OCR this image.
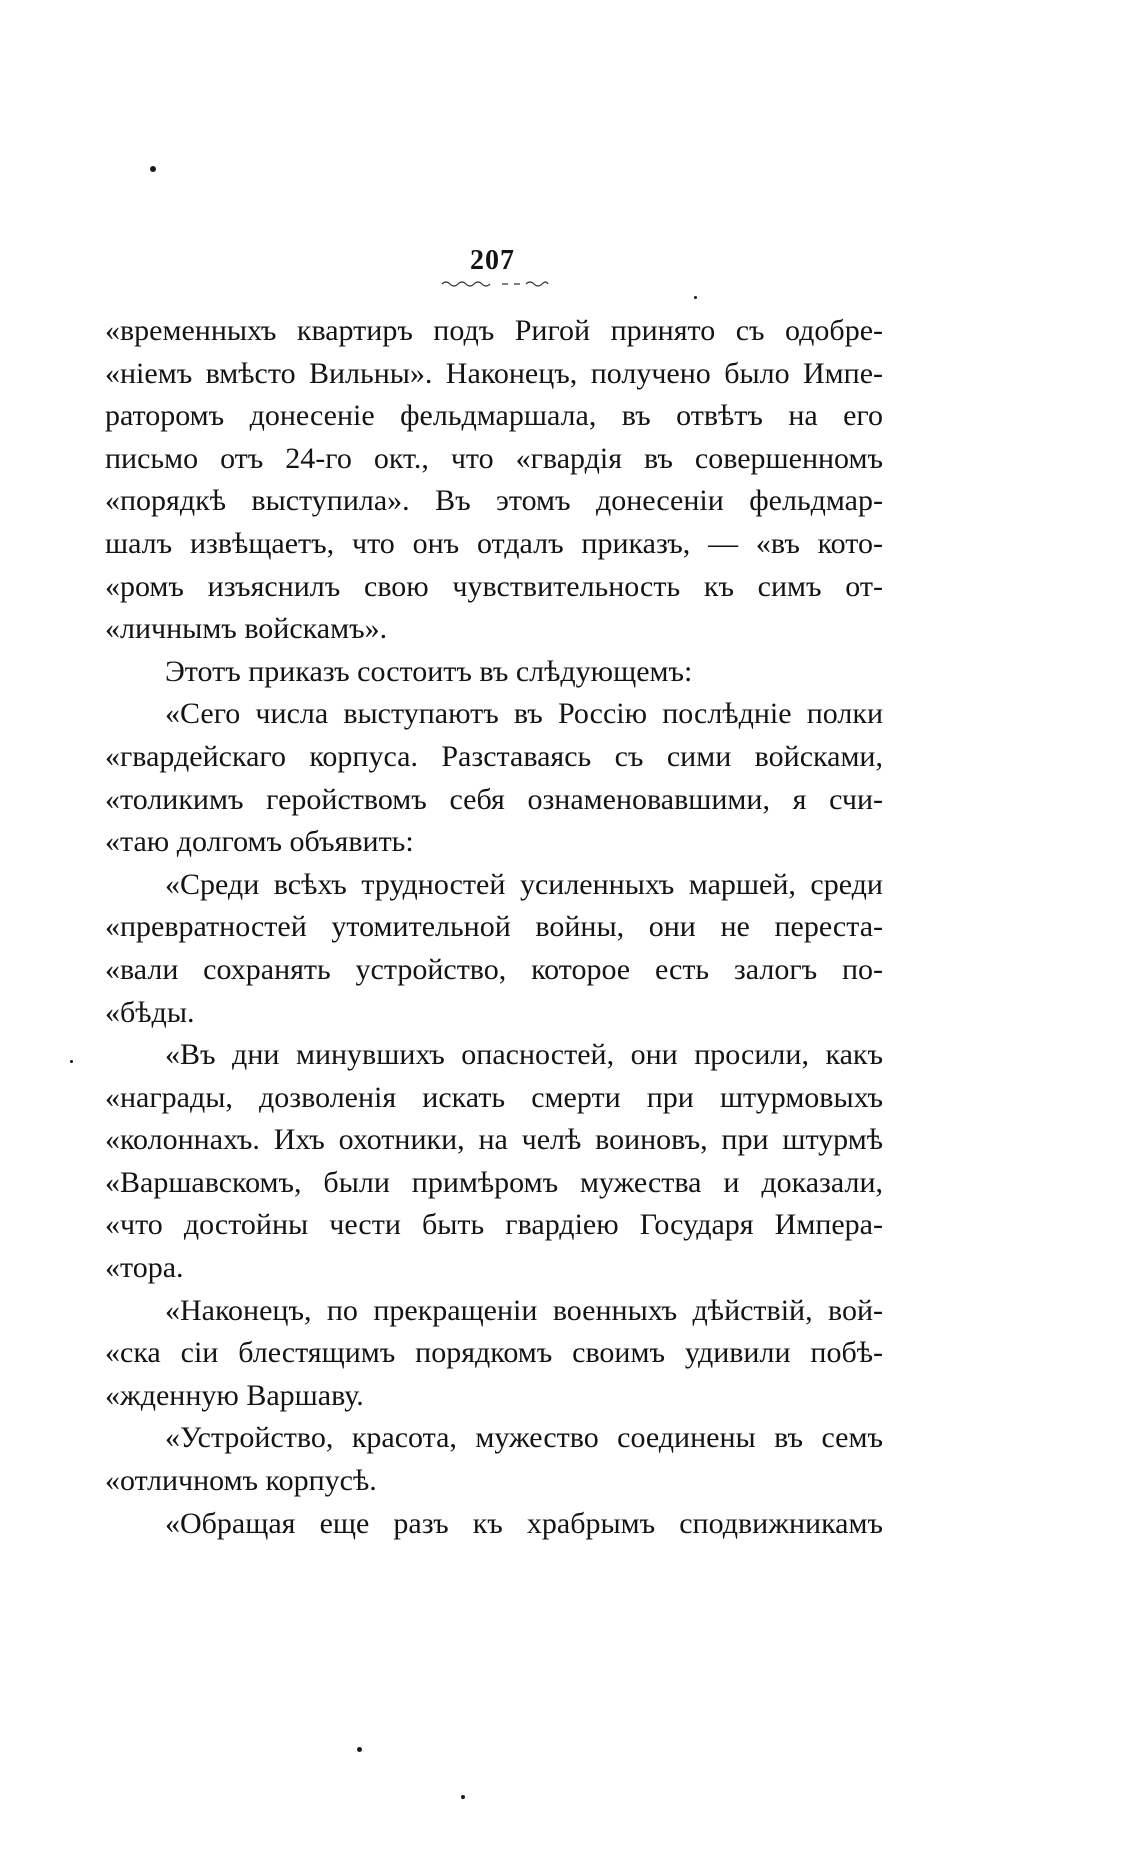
207
«временныхъ квартиръ подъ Ригой принято съ одобре-
«ніемъ вмѣсто Вильны». Наконецъ, получено было Импе-
раторомъ донесеніе фельдмаршала, въ отвѣтъ на его
письмо отъ 24-го окт., что «гвардія въ совершенномъ
«порядкѣ выступила». Въ этомъ донесеніи фельдмар-
шалъ извѣщаетъ, что онъ отдалъ приказъ, — «въ кото-
«ромъ изъяснилъ свою чувствительность къ симъ от-
«личнымъ войскамъ».
Этотъ приказъ состоитъ въ слѣдующемъ:
«Сего числа выступаютъ въ Россію послѣдніе полки
«гвардейскаго корпуса. Разставаясь съ сими войсками,
«толикимъ геройствомъ себя ознаменовавшими, я счи-
«таю долгомъ объявить:
«Среди всѣхъ трудностей усиленныхъ маршей, среди
«превратностей утомительной войны, они не переста-
«вали сохранять устройство, которое есть залогъ по-
«бѣды.
«Въ дни минувшихъ опасностей, они просили, какъ
«награды, дозволенія искать смерти при штурмовыхъ
«колоннахъ. Ихъ охотники, на челѣ воиновъ, при штурмѣ
«Варшавскомъ, были примѣромъ мужества и доказали,
«что достойны чести быть гвардіею Государя Импера-
«тора.
«Наконецъ, по прекращеніи военныхъ дѣйствій, вой-
«ска сіи блестящимъ порядкомъ своимъ удивили побѣ-
«жденную Варшаву.
«Устройство, красота, мужество соединены въ семъ
«отличномъ корпусѣ.
«Обращая еще разъ къ храбрымъ сподвижникамъ
